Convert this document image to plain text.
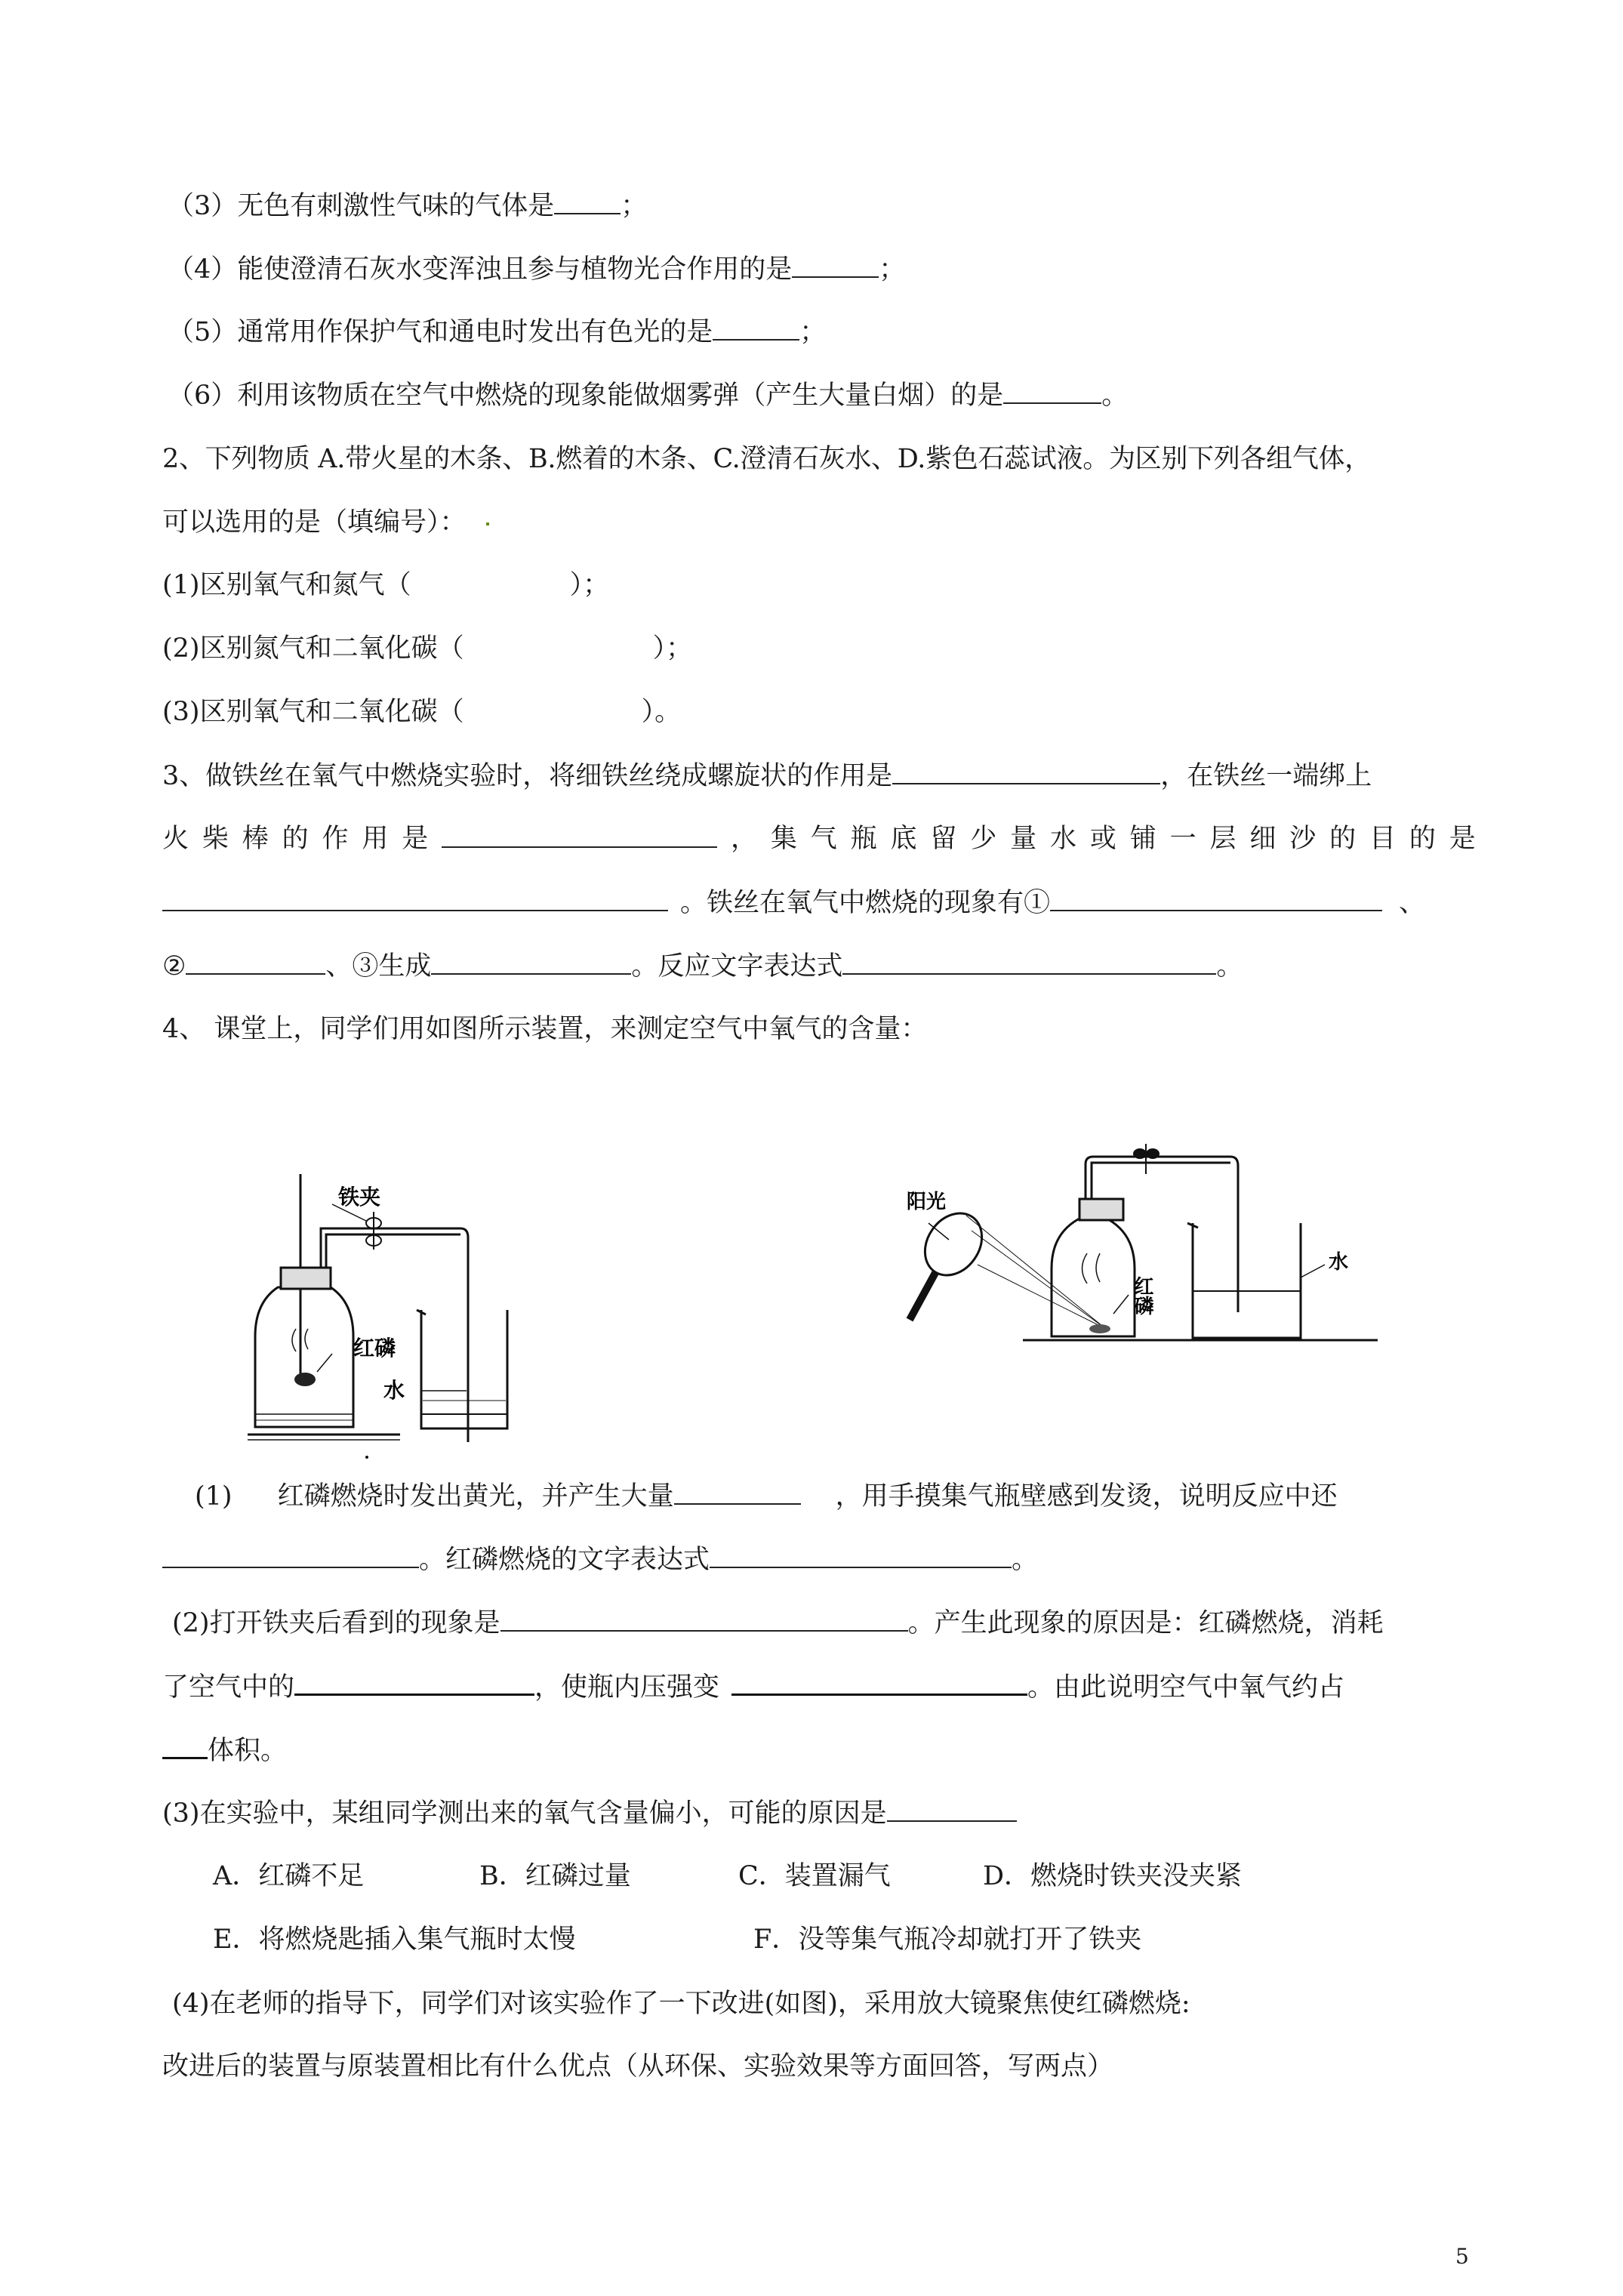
（3）无色有刺激性气味的气体是	；

（4）能使澄清石灰水变浑浊且参与植物光合作用的是	；

（5）通常用作保护气和通电时发出有色光的是	；

（6）利用该物质在空气中燃烧的现象能做烟雾弹（产生大量白烟）的是	。

2、下列物质 A.带火星的木条、B.燃着的木条、C.澄清石灰水、D.紫色石蕊试液。为区别下列各组气体，

可以选用的是（填编号）：

(1)区别氧气和氮气（	）；

(2)区别氮气和二氧化碳（	）；

(3)区别氧气和二氧化碳（	）。

3、做铁丝在氧气中燃烧实验时，将细铁丝绕成螺旋状的作用是	，在铁丝一端绑上

火 柴 棒 的 作 用 是	， 集 气 瓶 底 留 少 量 水 或 铺 一 层 细 沙 的 目 的 是

。铁丝在氧气中燃烧的现象有①	、

②	、③生成	。反应文字表达式	。

4、 课堂上，同学们用如图所示装置，来测定空气中氧气的含量：

铁夹
红磷
水
阳光
红磷
水

(1) 红磷燃烧时发出黄光，并产生大量	，用手摸集气瓶壁感到发烫，说明反应中还

。红磷燃烧的文字表达式	。

(2)打开铁夹后看到的现象是	。产生此现象的原因是：红磷燃烧，消耗

了空气中的	，使瓶内压强变	。由此说明空气中氧气约占

体积。

(3)在实验中，某组同学测出来的氧气含量偏小，可能的原因是

A．红磷不足	B．红磷过量	C．装置漏气	D．燃烧时铁夹没夹紧

E．将燃烧匙插入集气瓶时太慢	F．没等集气瓶冷却就打开了铁夹

(4)在老师的指导下，同学们对该实验作了一下改进(如图)，采用放大镜聚焦使红磷燃烧:

改进后的装置与原装置相比有什么优点（从环保、实验效果等方面回答，写两点）

5
